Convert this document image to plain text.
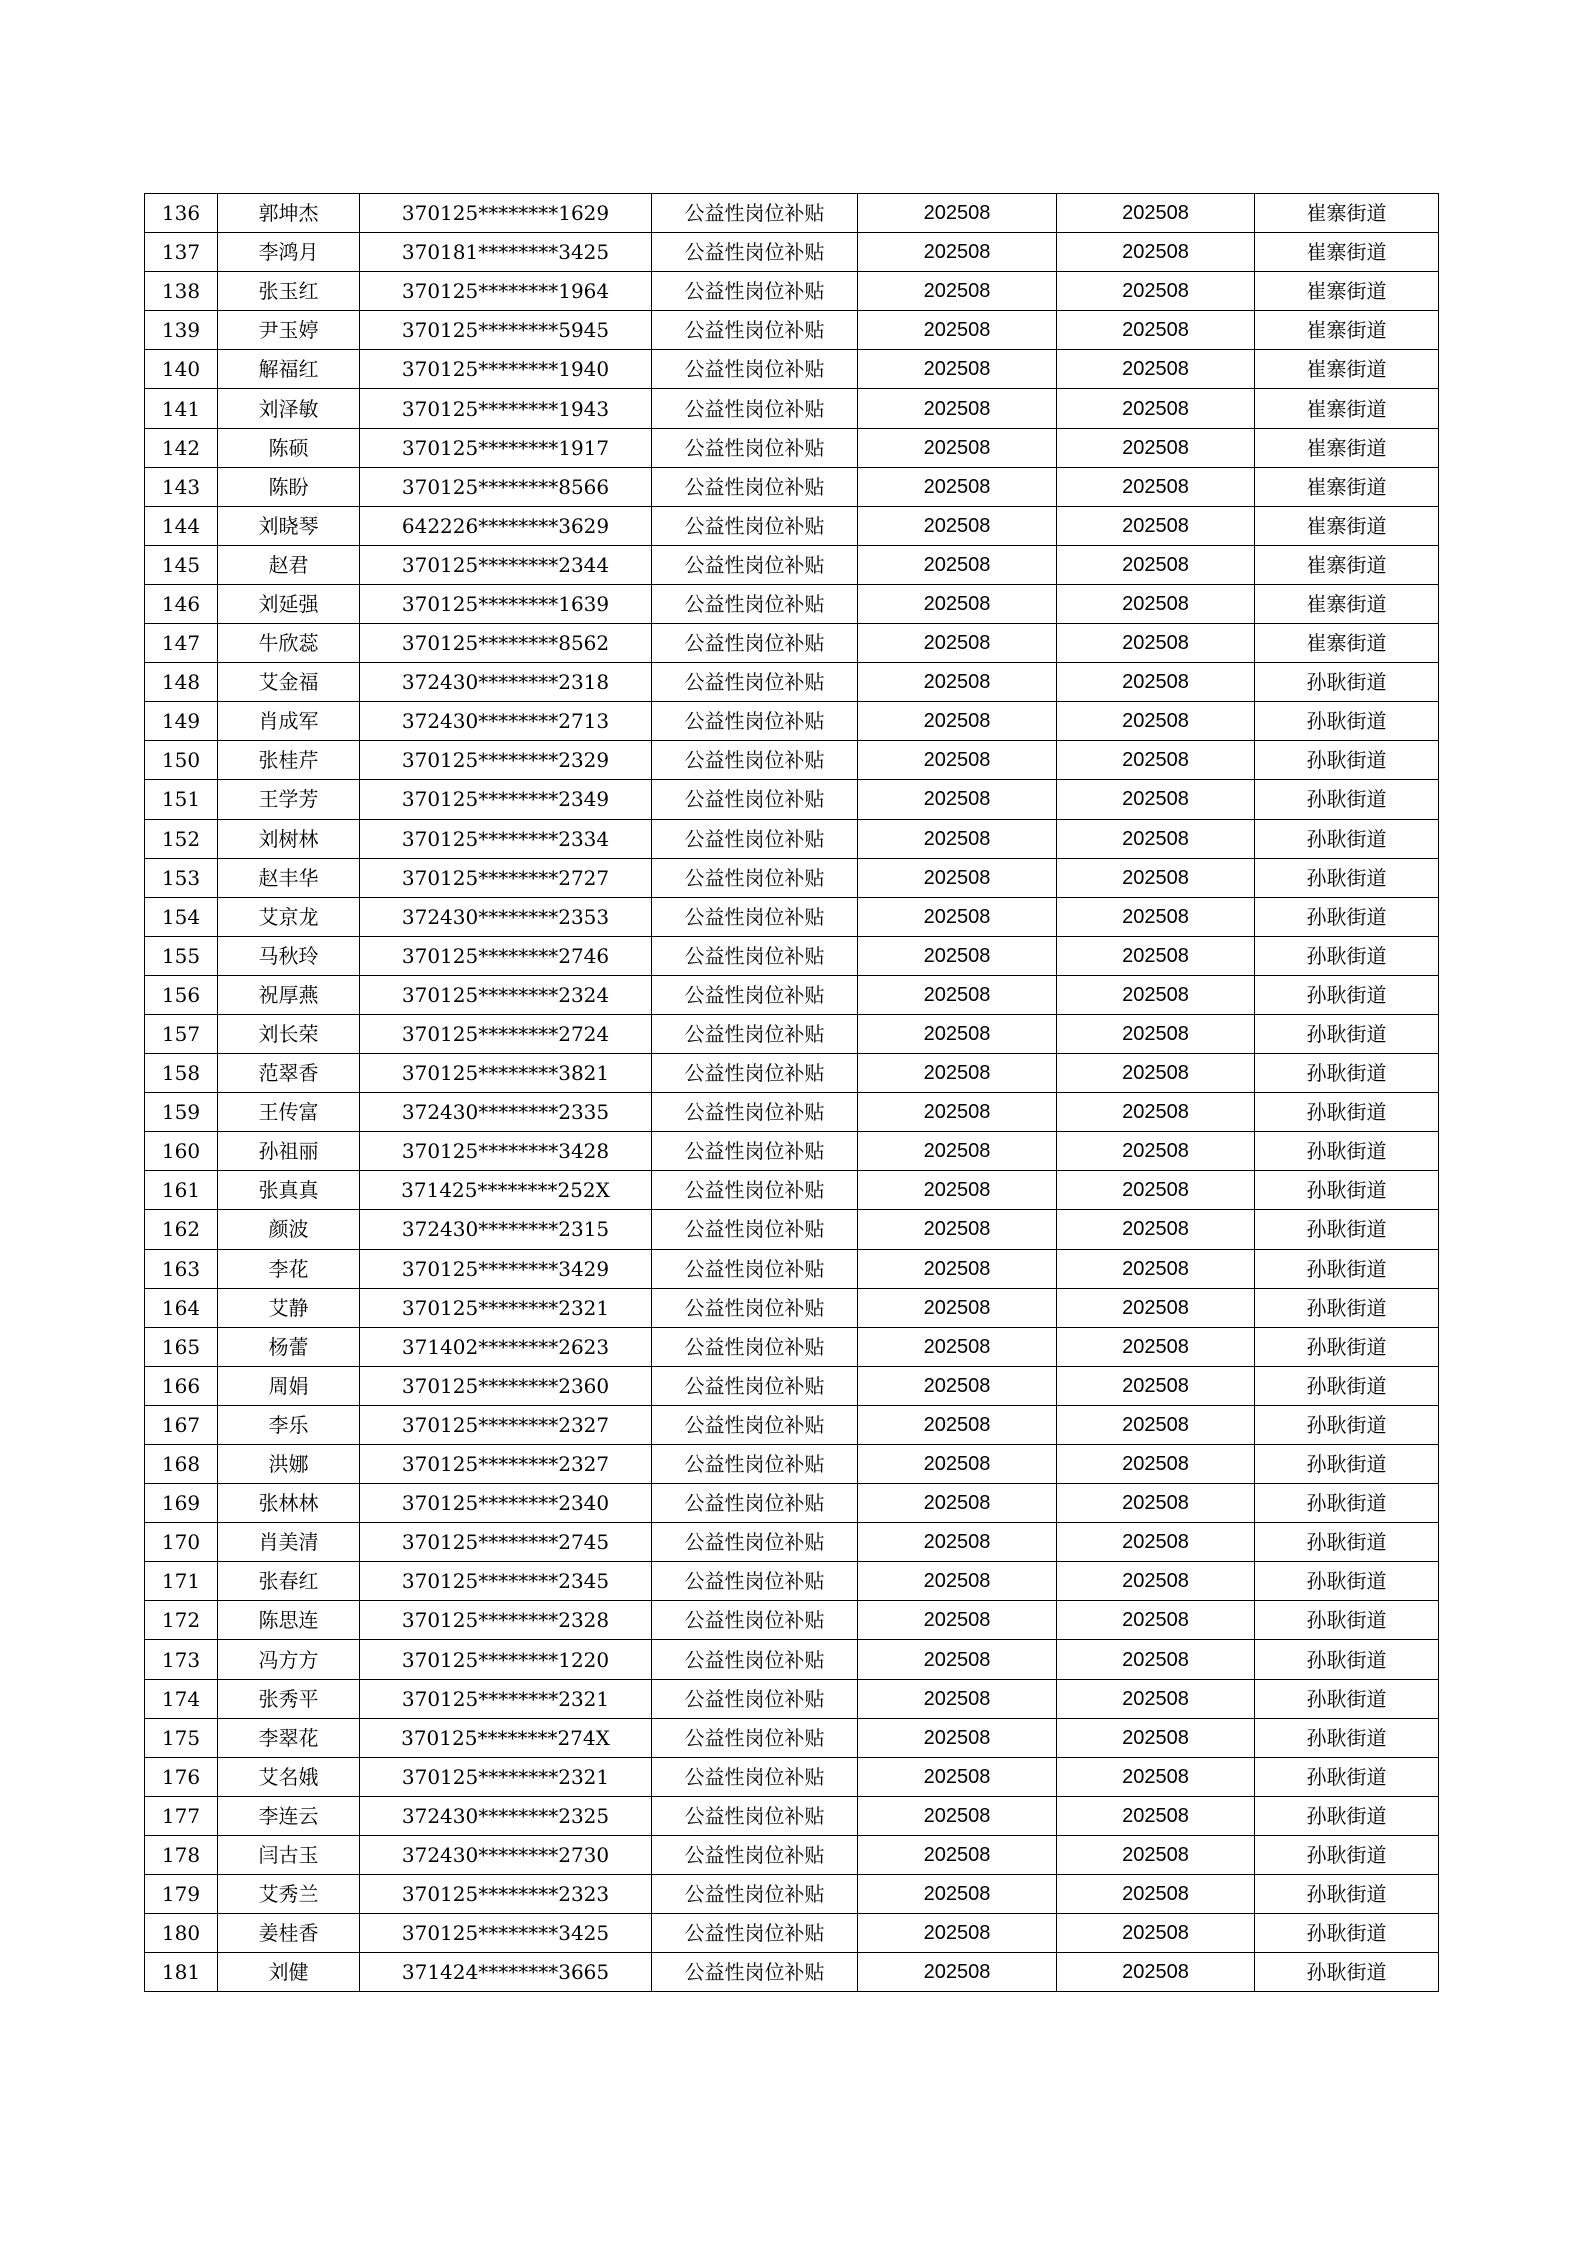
136	郭坤杰	370125********1629	公益性岗位补贴	202508	202508	崔寨街道
137	李鸿月	370181********3425	公益性岗位补贴	202508	202508	崔寨街道
138	张玉红	370125********1964	公益性岗位补贴	202508	202508	崔寨街道
139	尹玉婷	370125********5945	公益性岗位补贴	202508	202508	崔寨街道
140	解福红	370125********1940	公益性岗位补贴	202508	202508	崔寨街道
141	刘泽敏	370125********1943	公益性岗位补贴	202508	202508	崔寨街道
142	陈硕	370125********1917	公益性岗位补贴	202508	202508	崔寨街道
143	陈盼	370125********8566	公益性岗位补贴	202508	202508	崔寨街道
144	刘晓琴	642226********3629	公益性岗位补贴	202508	202508	崔寨街道
145	赵君	370125********2344	公益性岗位补贴	202508	202508	崔寨街道
146	刘延强	370125********1639	公益性岗位补贴	202508	202508	崔寨街道
147	牛欣蕊	370125********8562	公益性岗位补贴	202508	202508	崔寨街道
148	艾金福	372430********2318	公益性岗位补贴	202508	202508	孙耿街道
149	肖成军	372430********2713	公益性岗位补贴	202508	202508	孙耿街道
150	张桂芹	370125********2329	公益性岗位补贴	202508	202508	孙耿街道
151	王学芳	370125********2349	公益性岗位补贴	202508	202508	孙耿街道
152	刘树林	370125********2334	公益性岗位补贴	202508	202508	孙耿街道
153	赵丰华	370125********2727	公益性岗位补贴	202508	202508	孙耿街道
154	艾京龙	372430********2353	公益性岗位补贴	202508	202508	孙耿街道
155	马秋玲	370125********2746	公益性岗位补贴	202508	202508	孙耿街道
156	祝厚燕	370125********2324	公益性岗位补贴	202508	202508	孙耿街道
157	刘长荣	370125********2724	公益性岗位补贴	202508	202508	孙耿街道
158	范翠香	370125********3821	公益性岗位补贴	202508	202508	孙耿街道
159	王传富	372430********2335	公益性岗位补贴	202508	202508	孙耿街道
160	孙祖丽	370125********3428	公益性岗位补贴	202508	202508	孙耿街道
161	张真真	371425********252X	公益性岗位补贴	202508	202508	孙耿街道
162	颜波	372430********2315	公益性岗位补贴	202508	202508	孙耿街道
163	李花	370125********3429	公益性岗位补贴	202508	202508	孙耿街道
164	艾静	370125********2321	公益性岗位补贴	202508	202508	孙耿街道
165	杨蕾	371402********2623	公益性岗位补贴	202508	202508	孙耿街道
166	周娟	370125********2360	公益性岗位补贴	202508	202508	孙耿街道
167	李乐	370125********2327	公益性岗位补贴	202508	202508	孙耿街道
168	洪娜	370125********2327	公益性岗位补贴	202508	202508	孙耿街道
169	张林林	370125********2340	公益性岗位补贴	202508	202508	孙耿街道
170	肖美清	370125********2745	公益性岗位补贴	202508	202508	孙耿街道
171	张春红	370125********2345	公益性岗位补贴	202508	202508	孙耿街道
172	陈思连	370125********2328	公益性岗位补贴	202508	202508	孙耿街道
173	冯方方	370125********1220	公益性岗位补贴	202508	202508	孙耿街道
174	张秀平	370125********2321	公益性岗位补贴	202508	202508	孙耿街道
175	李翠花	370125********274X	公益性岗位补贴	202508	202508	孙耿街道
176	艾名娥	370125********2321	公益性岗位补贴	202508	202508	孙耿街道
177	李连云	372430********2325	公益性岗位补贴	202508	202508	孙耿街道
178	闫古玉	372430********2730	公益性岗位补贴	202508	202508	孙耿街道
179	艾秀兰	370125********2323	公益性岗位补贴	202508	202508	孙耿街道
180	姜桂香	370125********3425	公益性岗位补贴	202508	202508	孙耿街道
181	刘健	371424********3665	公益性岗位补贴	202508	202508	孙耿街道
